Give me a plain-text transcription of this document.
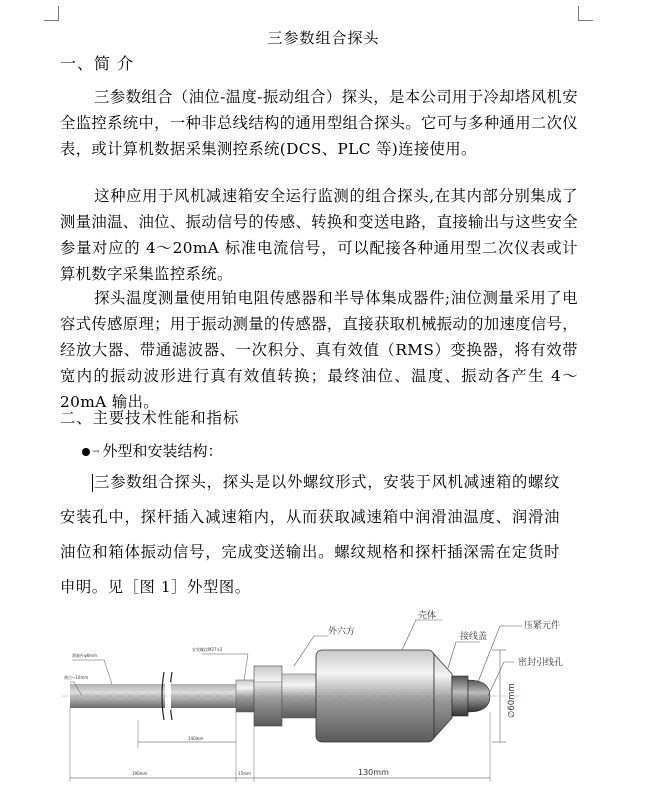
三参数组合探头
一、简 介
三参数组合（油位-温度-振动组合）探头，是本公司用于冷却塔风机安全监控系统中，一种非总线结构的通用型组合探头。它可与多种通用二次仪表，或计算机数据采集测控系统(DCS、PLC 等)连接使用。
这种应用于风机减速箱安全运行监测的组合探头,在其内部分别集成了测量油温、油位、振动信号的传感、转换和变送电路，直接输出与这些安全参量对应的 4～20mA 标准电流信号，可以配接各种通用型二次仪表或计算机数字采集监控系统。
探头温度测量使用铂电阻传感器和半导体集成器件;油位测量采用了电容式传感原理；用于振动测量的传感器，直接获取机械振动的加速度信号，经放大器、带通滤波器、一次积分、真有效值（RMS）变换器，将有效带宽内的振动波形进行真有效值转换；最终油位、温度、振动各产生 4～20mA 输出。
二、主要技术性能和指标
→ 外型和安装结构：
三参数组合探头，探头是以外螺纹形式，安装于风机减速箱的螺纹安装孔中，探杆插入减速箱内，从而获取减速箱中润滑油温度、润滑油油位和箱体振动信号，完成变送输出。螺纹规格和探杆插深需在定货时申明。见［图 1］外型图。
外六方
壳体
接线盖
压紧元件
密封引线孔
测量杆φ6mm
安装螺纹M27×2
测点~10mm
∅60mm
140mm
190mm	15mm	130mm
